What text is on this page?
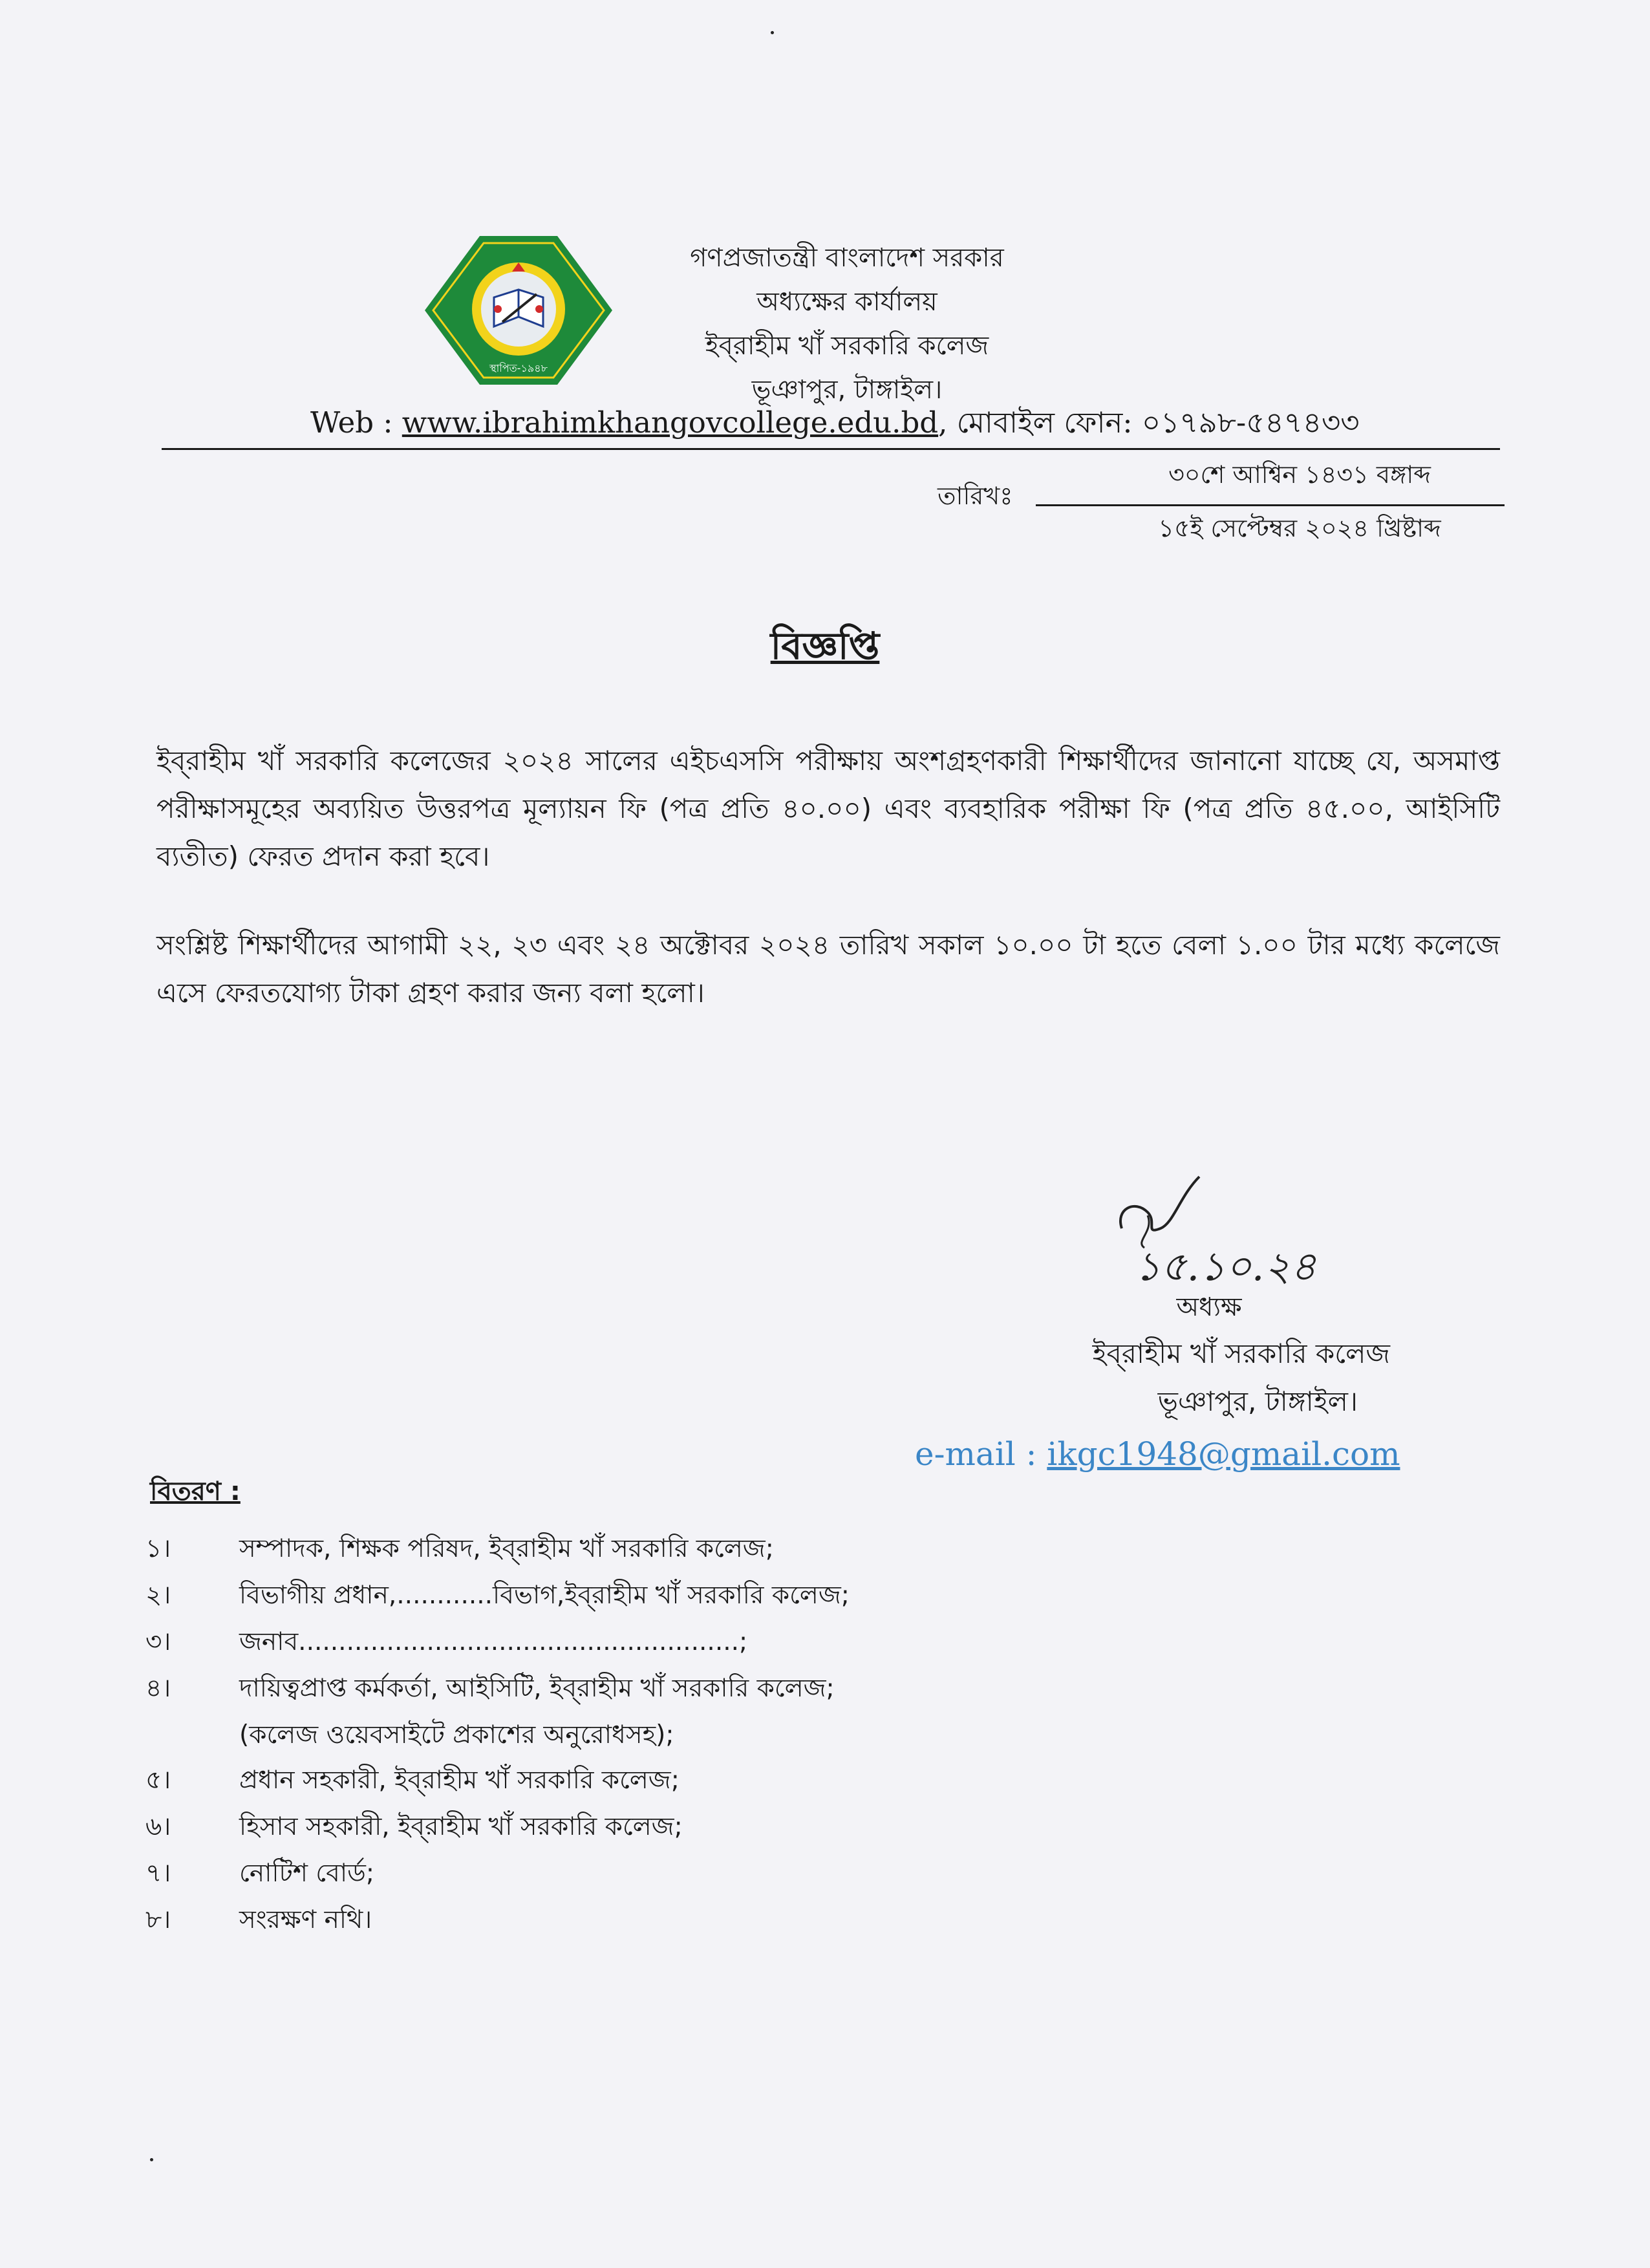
স্থাপিত-১৯৪৮
গণপ্রজাতন্ত্রী বাংলাদেশ সরকার
অধ্যক্ষের কার্যালয়
ইব্‌রাহীম খাঁ সরকারি কলেজ
ভূঞাপুর, টাঙ্গাইল।
Web : www.ibrahimkhangovcollege.edu.bd, মোবাইল ফোন: ০১৭৯৮-৫৪৭৪৩৩
তারিখঃ
৩০শে আশ্বিন ১৪৩১ বঙ্গাব্দ
১৫ই সেপ্টেম্বর ২০২৪ খ্রিষ্টাব্দ
বিজ্ঞপ্তি
ইব্‌রাহীম খাঁ সরকারি কলেজের ২০২৪ সালের এইচএসসি পরীক্ষায় অংশগ্রহণকারী শিক্ষার্থীদের জানানো যাচ্ছে যে, অসমাপ্ত পরীক্ষাসমূহের অব্যয়িত উত্তরপত্র মূল্যায়ন ফি (পত্র প্রতি ৪০.০০) এবং ব্যবহারিক পরীক্ষা ফি (পত্র প্রতি ৪৫.০০, আইসিটি ব্যতীত) ফেরত প্রদান করা হবে।
সংশ্লিষ্ট শিক্ষার্থীদের আগামী ২২, ২৩ এবং ২৪ অক্টোবর ২০২৪ তারিখ সকাল ১০.০০ টা হতে বেলা ১.০০ টার মধ্যে কলেজে এসে ফেরতযোগ্য টাকা গ্রহণ করার জন্য বলা হলো।
১৫.১০.২৪
অধ্যক্ষ
ইব্‌রাহীম খাঁ সরকারি কলেজ
ভূঞাপুর, টাঙ্গাইল।
e-mail : ikgc1948@gmail.com
বিতরণ :
১।	সম্পাদক, শিক্ষক পরিষদ, ইব্‌রাহীম খাঁ সরকারি কলেজ;
২।	বিভাগীয় প্রধান,............বিভাগ,ইব্‌রাহীম খাঁ সরকারি কলেজ;
৩।	জনাব.......................................................;
৪।	দায়িত্বপ্রাপ্ত কর্মকর্তা, আইসিটি, ইব্‌রাহীম খাঁ সরকারি কলেজ;
(কলেজ ওয়েবসাইটে প্রকাশের অনুরোধসহ);
৫।	প্রধান সহকারী, ইব্‌রাহীম খাঁ সরকারি কলেজ;
৬।	হিসাব সহকারী, ইব্‌রাহীম খাঁ সরকারি কলেজ;
৭।	নোটিশ বোর্ড;
৮।	সংরক্ষণ নথি।
